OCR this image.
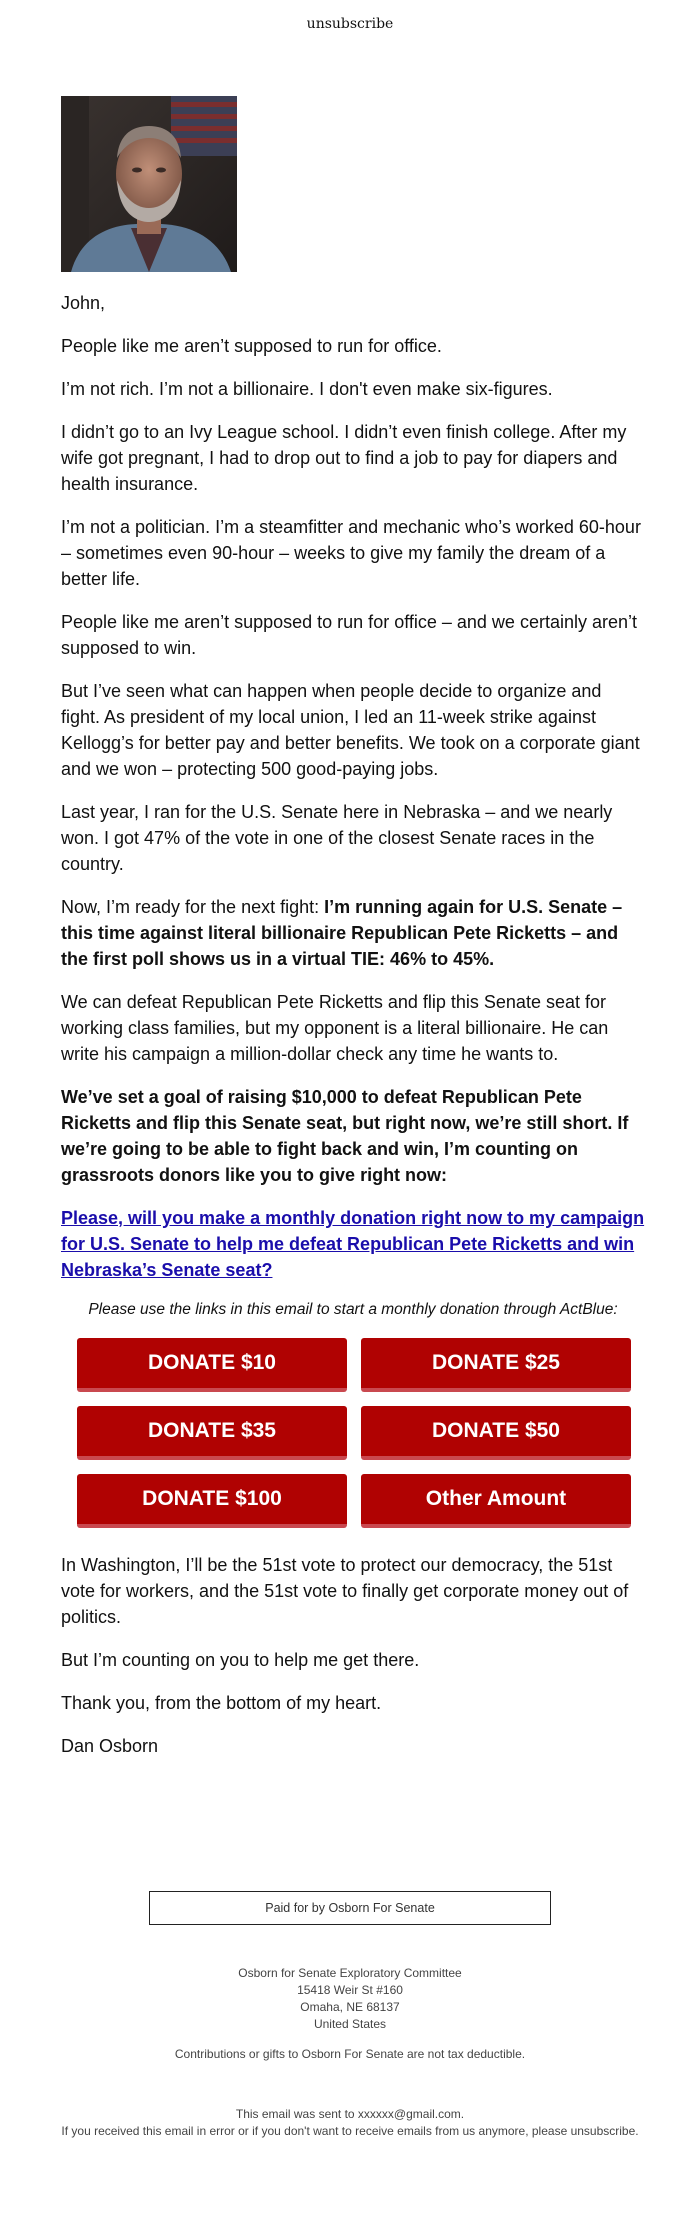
unsubscribe

John,

People like me aren’t supposed to run for office.

I’m not rich. I’m not a billionaire. I don't even make six-figures.

I didn’t go to an Ivy League school. I didn’t even finish college. After my wife got pregnant, I had to drop out to find a job to pay for diapers and health insurance.

I’m not a politician. I’m a steamfitter and mechanic who’s worked 60-hour – sometimes even 90-hour – weeks to give my family the dream of a better life.

People like me aren’t supposed to run for office – and we certainly aren’t supposed to win.

But I’ve seen what can happen when people decide to organize and fight. As president of my local union, I led an 11-week strike against Kellogg’s for better pay and better benefits. We took on a corporate giant and we won – protecting 500 good-paying jobs.

Last year, I ran for the U.S. Senate here in Nebraska – and we nearly won. I got 47% of the vote in one of the closest Senate races in the country.

Now, I’m ready for the next fight: I’m running again for U.S. Senate – this time against literal billionaire Republican Pete Ricketts – and the first poll shows us in a virtual TIE: 46% to 45%.

We can defeat Republican Pete Ricketts and flip this Senate seat for working class families, but my opponent is a literal billionaire. He can write his campaign a million-dollar check any time he wants to.

We’ve set a goal of raising $10,000 to defeat Republican Pete Ricketts and flip this Senate seat, but right now, we’re still short. If we’re going to be able to fight back and win, I’m counting on grassroots donors like you to give right now:

Please, will you make a monthly donation right now to my campaign for U.S. Senate to help me defeat Republican Pete Ricketts and win Nebraska’s Senate seat?

Please use the links in this email to start a monthly donation through ActBlue:
DONATE $10	DONATE $25
DONATE $35	DONATE $50
DONATE $100	Other Amount

In Washington, I’ll be the 51st vote to protect our democracy, the 51st vote for workers, and the 51st vote to finally get corporate money out of politics.

But I’m counting on you to help me get there.

Thank you, from the bottom of my heart.

Dan Osborn

Paid for by Osborn For Senate
Osborn for Senate Exploratory Committee
15418 Weir St #160
Omaha, NE 68137
United States
Contributions or gifts to Osborn For Senate are not tax deductible.
This email was sent to xxxxxx@gmail.com.
If you received this email in error or if you don't want to receive emails from us anymore, please unsubscribe.
